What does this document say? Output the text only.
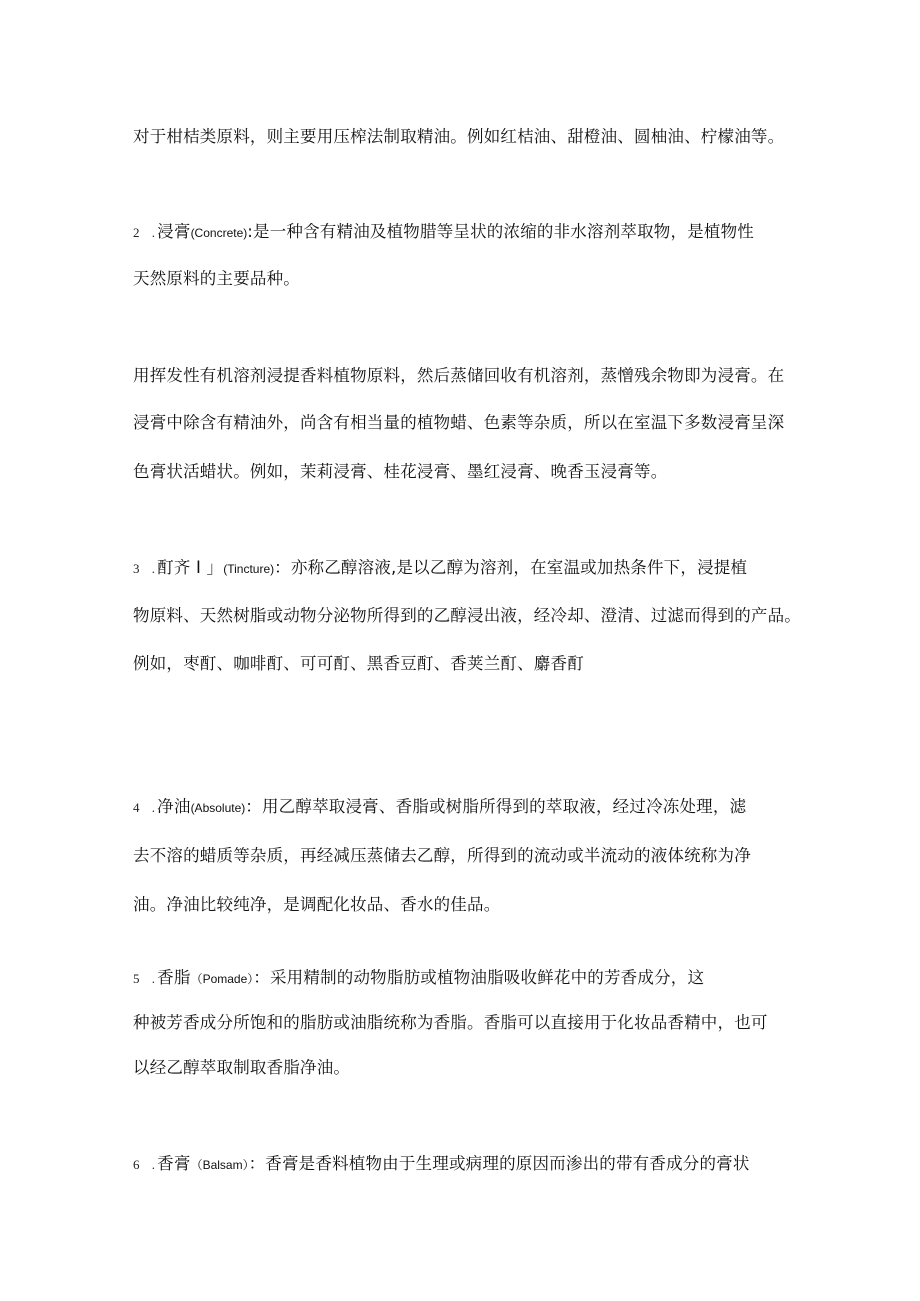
对于柑桔类原料，则主要用压榨法制取精油。例如红桔油、甜橙油、圆柚油、柠檬油等。
2 . 浸膏(Concrete):是一种含有精油及植物腊等呈状的浓缩的非水溶剂萃取物，是植物性
天然原料的主要品种。
用挥发性有机溶剂浸提香料植物原料，然后蒸储回收有机溶剂，蒸憎残余物即为浸膏。在
浸膏中除含有精油外，尚含有相当量的植物蜡、色素等杂质，所以在室温下多数浸膏呈深
色膏状活蜡状。例如，茉莉浸膏、桂花浸膏、墨红浸膏、晚香玉浸膏等。
3 . 酊齐 I 」(Tincture)：亦称乙醇溶液,是以乙醇为溶剂，在室温或加热条件下，浸提植
物原料、天然树脂或动物分泌物所得到的乙醇浸出液，经冷却、澄清、过滤而得到的产品。
例如，枣酊、咖啡酊、可可酊、黑香豆酊、香荚兰酊、麝香酊
4 . 净油(Absolute)：用乙醇萃取浸膏、香脂或树脂所得到的萃取液，经过冷冻处理，滤
去不溶的蜡质等杂质，再经减压蒸储去乙醇，所得到的流动或半流动的液体统称为净
油。净油比较纯净，是调配化妆品、香水的佳品。
5 . 香脂（Pomade）：采用精制的动物脂肪或植物油脂吸收鲜花中的芳香成分，这
种被芳香成分所饱和的脂肪或油脂统称为香脂。香脂可以直接用于化妆品香精中，也可
以经乙醇萃取制取香脂净油。
6 . 香膏（Balsam）：香膏是香料植物由于生理或病理的原因而渗出的带有香成分的膏状
